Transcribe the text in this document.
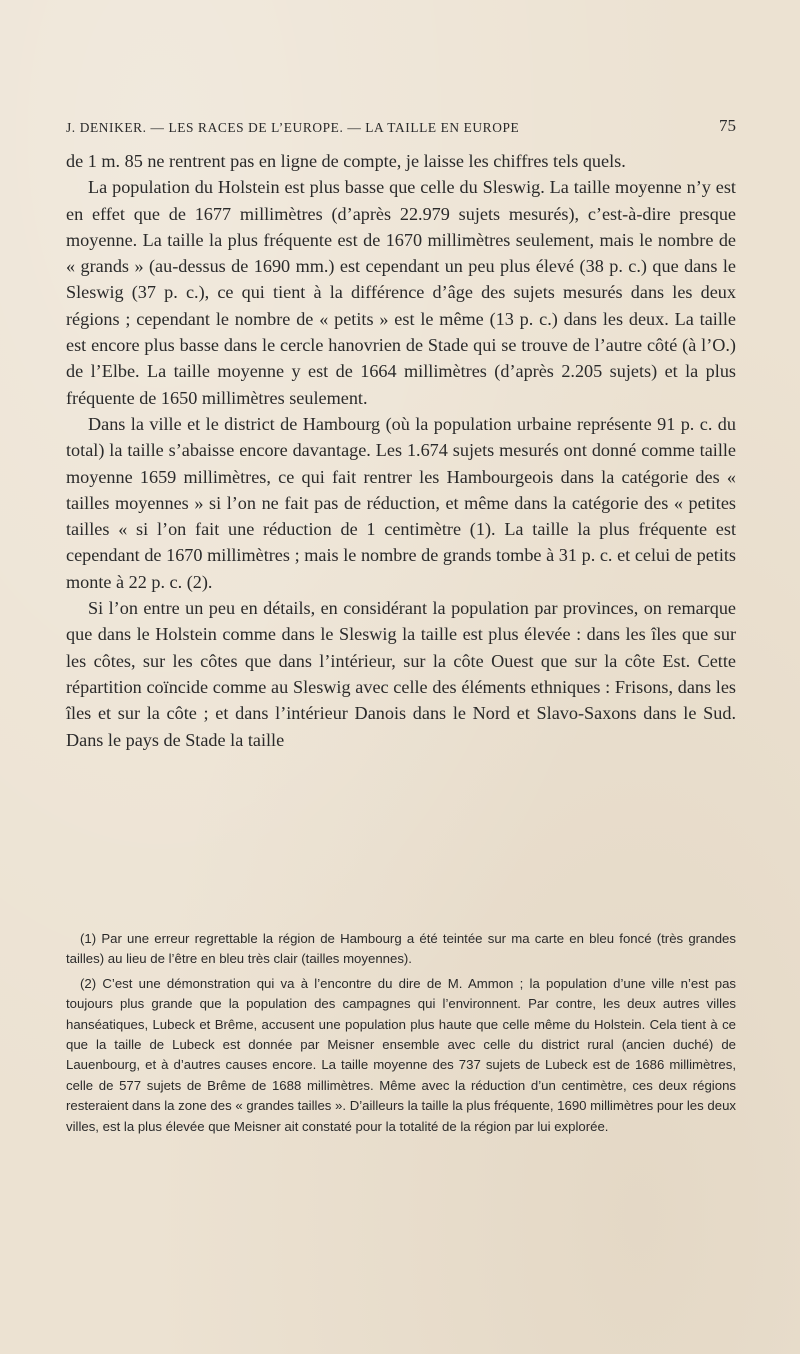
J. DENIKER. — LES RACES DE L’EUROPE. — LA TAILLE EN EUROPE	75

de 1 m. 85 ne rentrent pas en ligne de compte, je laisse les chiffres tels quels.

La population du Holstein est plus basse que celle du Sleswig. La taille moyenne n’y est en effet que de 1677 millimètres (d’après 22.979 sujets mesurés), c’est-à-dire presque moyenne. La taille la plus fréquente est de 1670 millimètres seulement, mais le nombre de « grands » (au-dessus de 1690 mm.) est cependant un peu plus élevé (38 p. c.) que dans le Sleswig (37 p. c.), ce qui tient à la différence d’âge des sujets mesurés dans les deux régions ; cependant le nombre de « petits » est le même (13 p. c.) dans les deux. La taille est encore plus basse dans le cercle hanovrien de Stade qui se trouve de l’autre côté (à l’O.) de l’Elbe. La taille moyenne y est de 1664 millimètres (d’après 2.205 sujets) et la plus fréquente de 1650 millimètres seulement.

Dans la ville et le district de Hambourg (où la population urbaine représente 91 p. c. du total) la taille s’abaisse encore davantage. Les 1.674 sujets mesurés ont donné comme taille moyenne 1659 millimètres, ce qui fait rentrer les Hambourgeois dans la catégorie des « tailles moyennes » si l’on ne fait pas de réduction, et même dans la catégorie des « petites tailles « si l’on fait une réduction de 1 centimètre (1). La taille la plus fréquente est cependant de 1670 millimètres ; mais le nombre de grands tombe à 31 p. c. et celui de petits monte à 22 p. c. (2).

Si l’on entre un peu en détails, en considérant la population par provinces, on remarque que dans le Holstein comme dans le Sleswig la taille est plus élevée : dans les îles que sur les côtes, sur les côtes que dans l’intérieur, sur la côte Ouest que sur la côte Est. Cette répartition coïncide comme au Sleswig avec celle des éléments ethniques : Frisons, dans les îles et sur la côte ; et dans l’intérieur Danois dans le Nord et Slavo-Saxons dans le Sud. Dans le pays de Stade la taille

(1) Par une erreur regrettable la région de Hambourg a été teintée sur ma carte en bleu foncé (très grandes tailles) au lieu de l’être en bleu très clair (tailles moyennes).

(2) C’est une démonstration qui va à l’encontre du dire de M. Ammon ; la population d’une ville n’est pas toujours plus grande que la population des campagnes qui l’environnent. Par contre, les deux autres villes hanséatiques, Lubeck et Brême, accusent une population plus haute que celle même du Holstein. Cela tient à ce que la taille de Lubeck est donnée par Meisner ensemble avec celle du district rural (ancien duché) de Lauenbourg, et à d’autres causes encore. La taille moyenne des 737 sujets de Lubeck est de 1686 millimètres, celle de 577 sujets de Brême de 1688 millimètres. Même avec la réduction d’un centimètre, ces deux régions resteraient dans la zone des « grandes tailles ». D’ailleurs la taille la plus fréquente, 1690 millimètres pour les deux villes, est la plus élevée que Meisner ait constaté pour la totalité de la région par lui explorée.
